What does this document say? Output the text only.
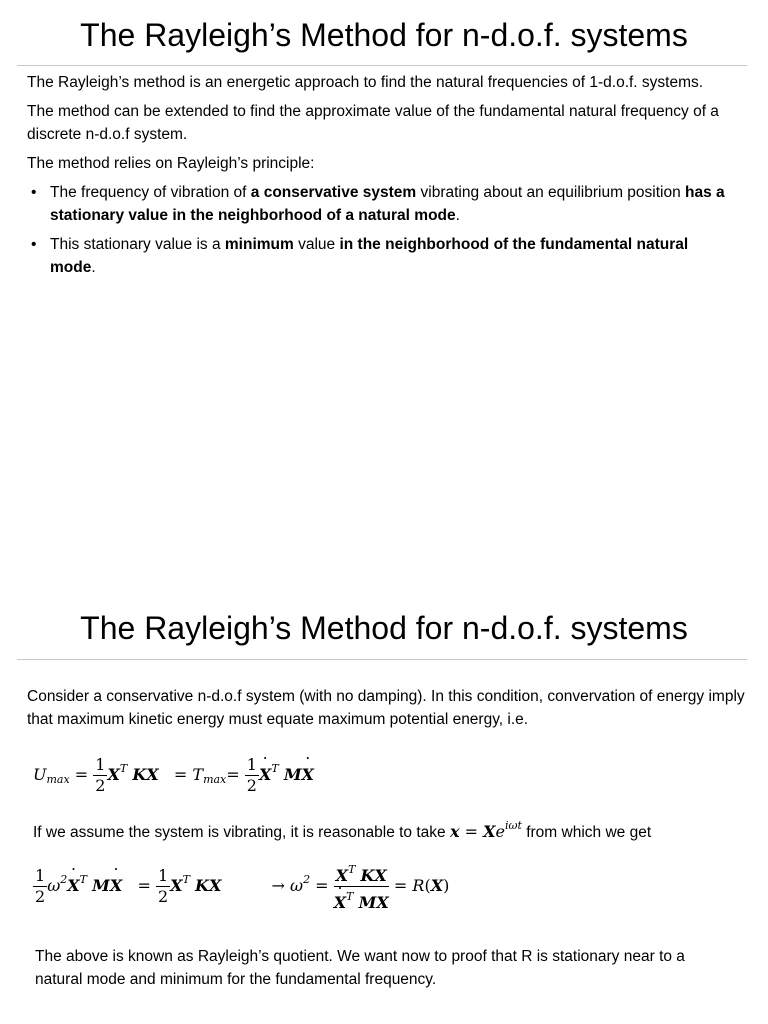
The Rayleigh’s Method for n-d.o.f. systems

The Rayleigh’s method is an energetic approach to find the natural frequencies of 1-d.o.f. systems.

The method can be extended to find the approximate value of the fundamental natural frequency of a discrete n-d.o.f system.

The method relies on Rayleigh’s principle:

• The frequency of vibration of a conservative system vibrating about an equilibrium position has a stationary value in the neighborhood of a natural mode.
• This stationary value is a minimum value in the neighborhood of the fundamental natural mode.
The Rayleigh’s Method for n-d.o.f. systems
Consider a conservative n-d.o.f system (with no damping). In this condition, convervation of energy imply that maximum kinetic energy must equate maximum potential energy, i.e.
$U_{max} = \frac{1}{2} X^T$ KX   = $T_{max}= \frac{1}{2}$
˙ $X^T$ M˙ X
If we assume the system is vibrating, it is reasonable to take $x = Xe^{i\omega t}$ from which we get
$\frac{1}{2}$ $\omega^2˙$ $X^T$ M˙ $X = \frac{1}{2} X^T$ KX	→ $\omega^2 = X^T$ KX
˙ $X^T$ MX = R(X)
The above is known as Rayleigh’s quotient. We want now to proof that R is stationary near to a natural mode and minimum for the fundamental frequency.
